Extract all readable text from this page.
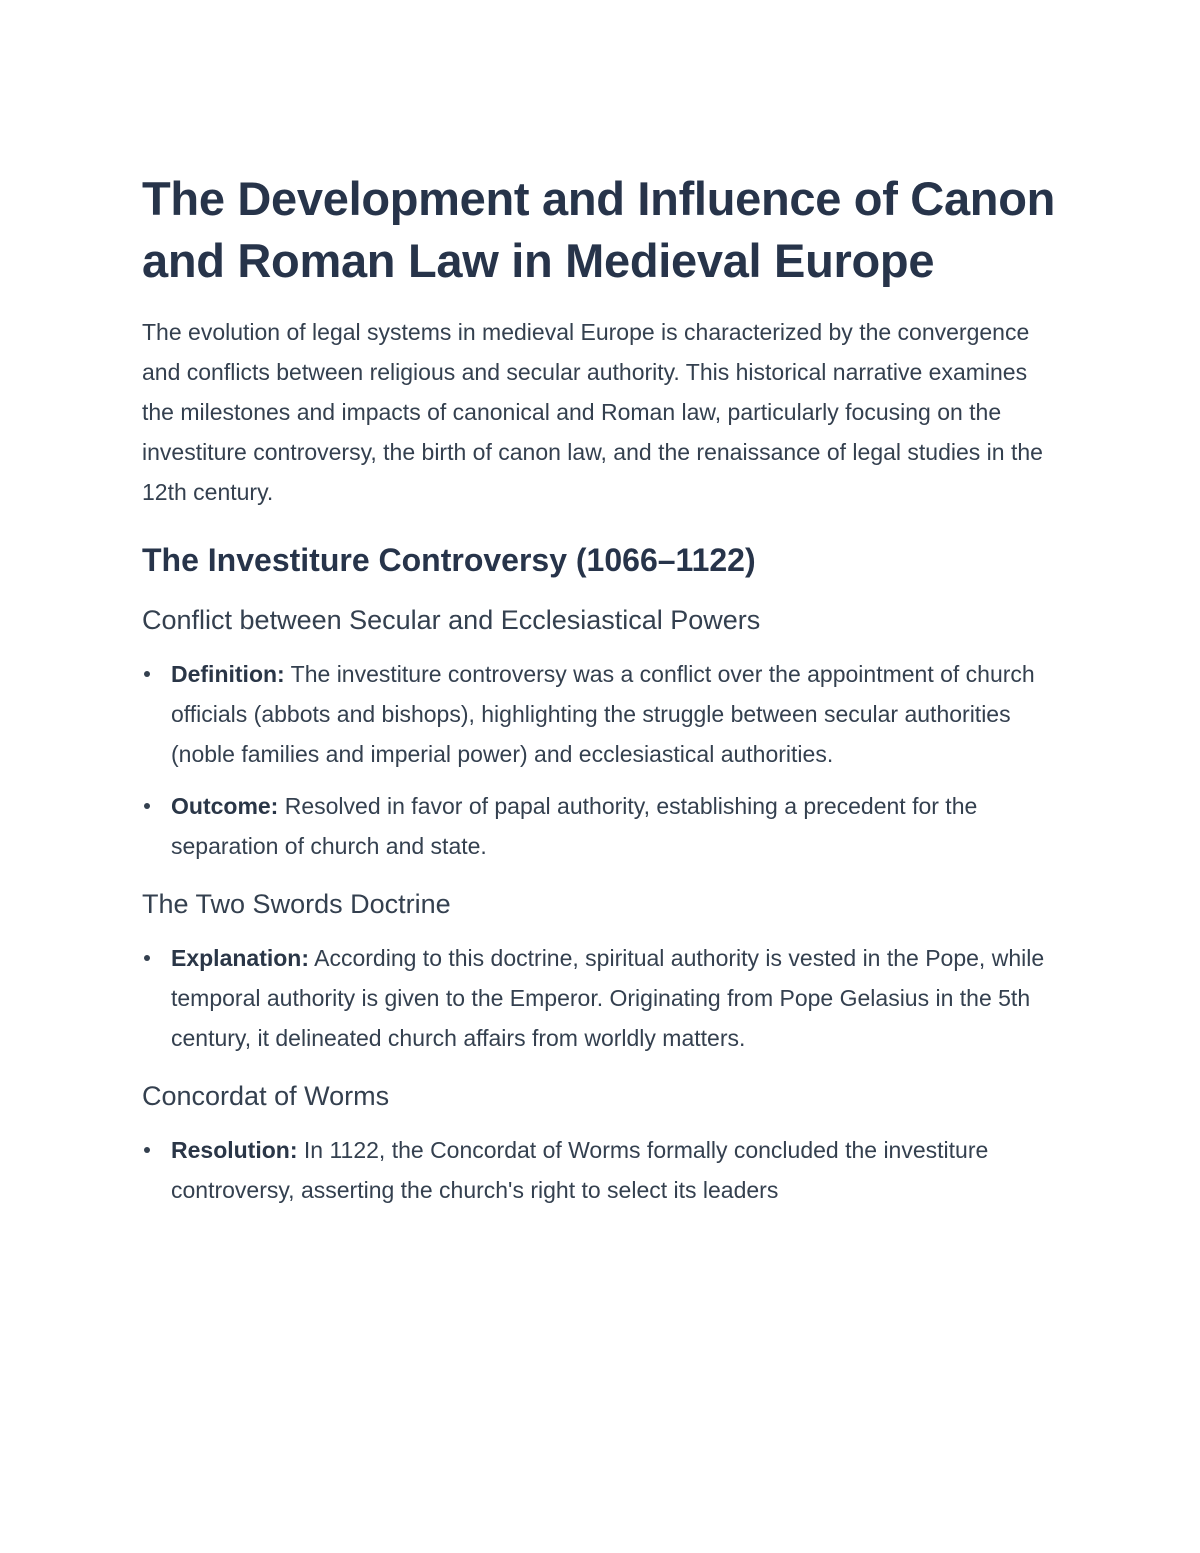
The Development and Influence of Canon and Roman Law in Medieval Europe

The evolution of legal systems in medieval Europe is characterized by the convergence and conflicts between religious and secular authority. This historical narrative examines the milestones and impacts of canonical and Roman law, particularly focusing on the investiture controversy, the birth of canon law, and the renaissance of legal studies in the 12th century.

The Investiture Controversy (1066–1122)
Conflict between Secular and Ecclesiastical Powers
Definition: The investiture controversy was a conflict over the appointment of church officials (abbots and bishops), highlighting the struggle between secular authorities (noble families and imperial power) and ecclesiastical authorities.
Outcome: Resolved in favor of papal authority, establishing a precedent for the separation of church and state.
The Two Swords Doctrine
Explanation: According to this doctrine, spiritual authority is vested in the Pope, while temporal authority is given to the Emperor. Originating from Pope Gelasius in the 5th century, it delineated church affairs from worldly matters.
Concordat of Worms
Resolution: In 1122, the Concordat of Worms formally concluded the investiture controversy, asserting the church's right to select its leaders
